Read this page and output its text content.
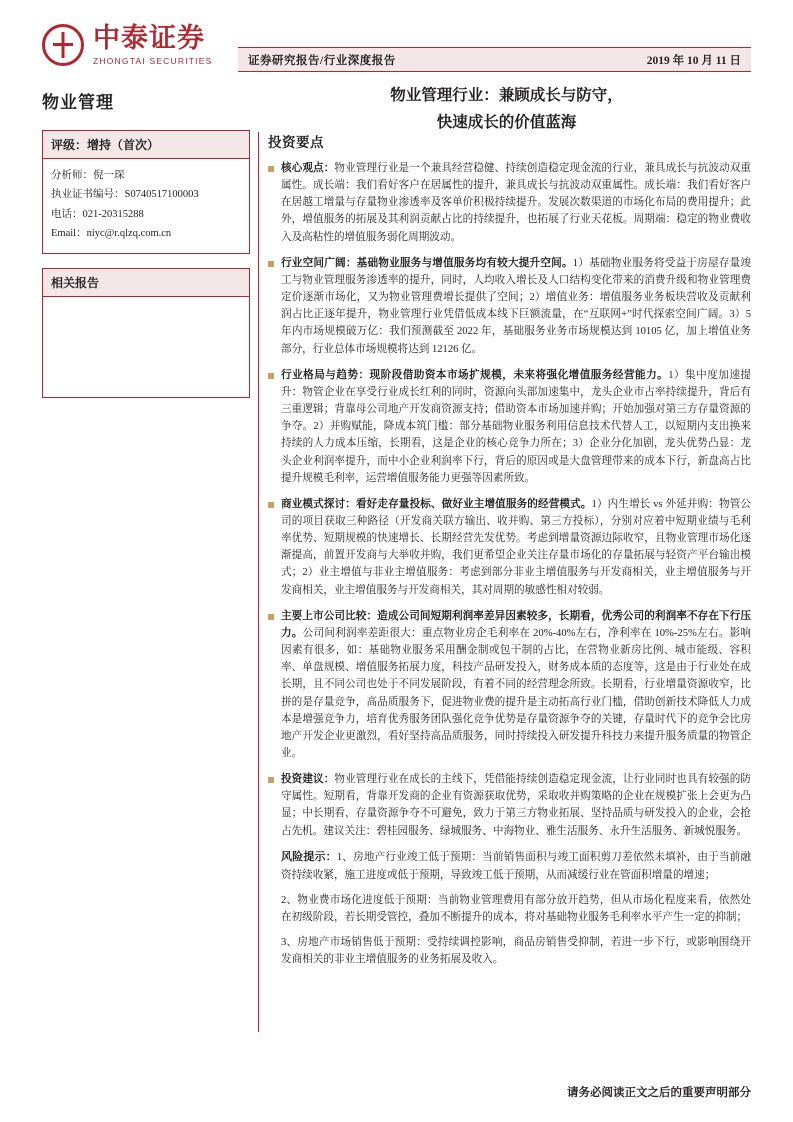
中泰证券
ZHONGTAI SECURITIES	证券研究报告/行业深度报告	2019 年 10 月 11 日
物业管理	物业管理行业：兼顾成长与防守，
快速成长的价值蓝海
评级：增持（首次）
分析师：倪一琛
执业证书编号：S0740517100003
电话：021-20315288
Email：niyc@r.qlzq.com.cn
相关报告
投资要点
核心观点：物业管理行业是一个兼具经营稳健、持续创造稳定现金流的行业，兼具成长与抗波动双重属性。成长端：我们看好客户在居属性的提升，兼具成长与抗波动双重属性。成长端：我们看好客户在居越工增量与存量物业渗透率及客单价积极持续提升。发展次数渠道的市场化布局的费用提升；此外，增值服务的拓展及其利润贡献占比的持续提升，也拓展了行业天花板。周期端：稳定的物业费收入及高粘性的增值服务弱化周期波动。
行业空间广阔：基础物业服务与增值服务均有较大提升空间。1）基础物业服务将受益于房屋存量竣工与物业管理服务渗透率的提升，同时，人均收入增长及人口结构变化带来的消费升级和物业管理费定价逐渐市场化，又为物业管理费增长提供了空间；2）增值业务：增值服务业务板块营收及贡献利润占比正逐年提升，物业管理行业凭借低成本线下巨额流量，在“互联网+”时代探索空间广阔。3）5 年内市场规模破万亿：我们预测截至 2022 年，基础服务业务市场规模达到 10105 亿，加上增值业务部分，行业总体市场规模将达到 12126 亿。
行业格局与趋势：现阶段借助资本市场扩规模，未来将强化增值服务经营能力。1）集中度加速提升：物管企业在享受行业成长红利的同时，资源向头部加速集中，龙头企业市占率持续提升，背后有三重逻辑；背靠母公司地产开发商资源支持；借助资本市场加速并购；开始加强对第三方存量资源的争夺。2）并购赋能，降成本筑门槛：部分基础物业服务利用信息技术代替人工，以短期内支出换来持续的人力成本压缩，长期看，这是企业的核心竞争力所在；3）企业分化加剧，龙头优势凸显：龙头企业利润率提升，而中小企业利润率下行，背后的原因或是大盘管理带来的成本下行，新盘高占比提升规模毛利率，运营增值服务能力更强等因素所致。
商业模式探讨：看好走存量投标、做好业主增值服务的经营模式。1）内生增长 vs 外延并购：物管公司的项目获取三种路径（开发商关联方输出、收并购、第三方投标），分别对应着中短期业绩与毛利率优势、短期规模的快速增长、长期经营先发优势。考虑到增量资源边际收窄，且物业管理市场化逐渐提高，前置开发商与大举收并购，我们更希望企业关注存量市场化的存量拓展与轻资产平台输出模式；2）业主增值与非业主增值服务：考虑到部分非业主增值服务与开发商相关，业主增值服务与开发商相关，业主增值服务与开发商相关，其对周期的敏感性相对较弱。
主要上市公司比较：造成公司间短期利润率差异因素较多，长期看，优秀公司的利润率不存在下行压力。公司间利润率差距很大：重点物业房企毛利率在 20%-40%左右，净利率在 10%-25%左右。影响因素有很多，如：基础物业服务采用酬金制或包干制的占比，在营物业新房比例、城市能级、容积率、单盘规模、增值服务拓展力度，科技产品研发投入，财务成本质的态度等，这是由于行业处在成长期，且不同公司也处于不同发展阶段，有着不同的经营理念所致。长期看，行业增量资源收窄，比拼的是存量竞争，高品质服务下，促进物业费的提升是主动拓高行业门槛，借助创新技术降低人力成本是增强竞争力，培育优秀服务团队强化竞争优势是存量资源争夺的关键，存量时代下的竞争会比房地产开发企业更激烈，看好坚持高品质服务，同时持续投入研发提升科技力来提升服务质量的物管企业。
投资建议：物业管理行业在成长的主线下，凭借能持续创造稳定现金流，让行业同时也具有较强的防守属性。短期看，背靠开发商的企业有资源获取优势，采取收并购策略的企业在规模扩张上会更为凸显；中长期看，存量资源争夺不可避免，致力于第三方物业拓展、坚持品质与研发投入的企业，会抢占先机。建议关注：碧桂园服务、绿城服务、中海物业、雅生活服务、永升生活服务、新城悦服务。
风险提示：1、房地产行业竣工低于预期：当前销售面积与竣工面积剪刀差依然未填补，由于当前融资持续收紧，施工进度或低于预期，导致竣工低于预期，从而减缓行业在管面积增量的增速；
2、物业费市场化进度低于预期：当前物业管理费用有部分放开趋势，但从市场化程度来看，依然处在初级阶段，若长期受管控，叠加不断提升的成本，将对基础物业服务毛利率水平产生一定的抑制；
3、房地产市场销售低于预期：受持续调控影响，商品房销售受抑制，若进一步下行，或影响围绕开发商相关的非业主增值服务的业务拓展及收入。
请务必阅读正文之后的重要声明部分
